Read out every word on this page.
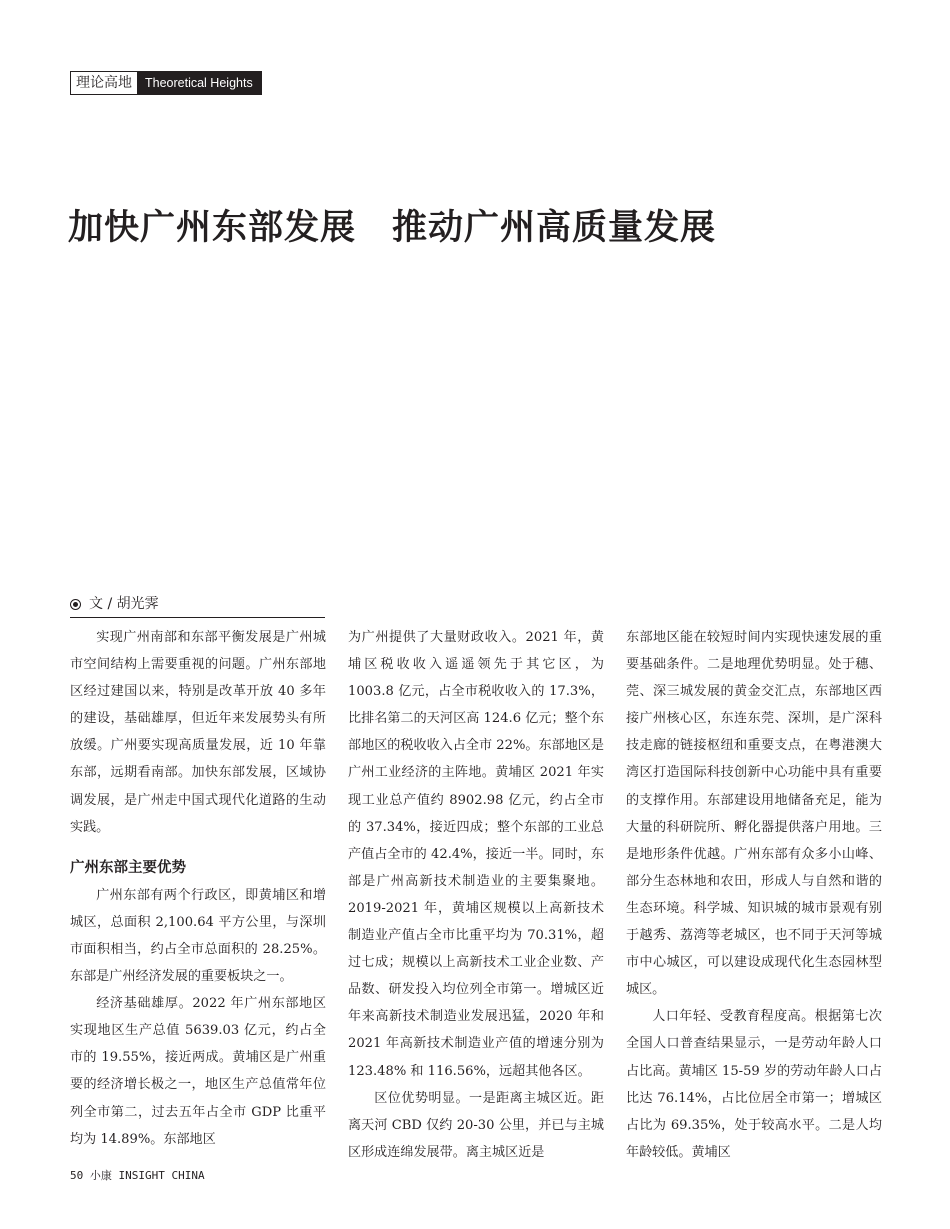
理论高地	Theoretical Heights
加快广州东部发展　推动广州高质量发展
文 / 胡光霁

实现广州南部和东部平衡发展是广州城市空间结构上需要重视的问题。广州东部地区经过建国以来，特别是改革开放 40 多年的建设，基础雄厚，但近年来发展势头有所放缓。广州要实现高质量发展，近 10 年靠东部，远期看南部。加快东部发展，区域协调发展，是广州走中国式现代化道路的生动实践。

广州东部主要优势

广州东部有两个行政区，即黄埔区和增城区，总面积 2,100.64 平方公里，与深圳市面积相当，约占全市总面积的 28.25%。东部是广州经济发展的重要板块之一。

经济基础雄厚。2022 年广州东部地区实现地区生产总值 5639.03 亿元，约占全市的 19.55%，接近两成。黄埔区是广州重要的经济增长极之一，地区生产总值常年位列全市第二，过去五年占全市 GDP 比重平均为 14.89%。东部地区

为广州提供了大量财政收入。2021 年，黄埔区税收收入遥遥领先于其它区，为 1003.8 亿元，占全市税收收入的 17.3%，比排名第二的天河区高 124.6 亿元；整个东部地区的税收收入占全市 22%。东部地区是广州工业经济的主阵地。黄埔区 2021 年实现工业总产值约 8902.98 亿元，约占全市的 37.34%，接近四成；整个东部的工业总产值占全市的 42.4%，接近一半。同时，东部是广州高新技术制造业的主要集聚地。2019-2021 年，黄埔区规模以上高新技术制造业产值占全市比重平均为 70.31%，超过七成；规模以上高新技术工业企业数、产品数、研发投入均位列全市第一。增城区近年来高新技术制造业发展迅猛，2020 年和 2021 年高新技术制造业产值的增速分别为 123.48% 和 116.56%，远超其他各区。

区位优势明显。一是距离主城区近。距离天河 CBD 仅约 20-30 公里，并已与主城区形成连绵发展带。离主城区近是

东部地区能在较短时间内实现快速发展的重要基础条件。二是地理优势明显。处于穗、莞、深三城发展的黄金交汇点，东部地区西接广州核心区，东连东莞、深圳，是广深科技走廊的链接枢纽和重要支点，在粤港澳大湾区打造国际科技创新中心功能中具有重要的支撑作用。东部建设用地储备充足，能为大量的科研院所、孵化器提供落户用地。三是地形条件优越。广州东部有众多小山峰、部分生态林地和农田，形成人与自然和谐的生态环境。科学城、知识城的城市景观有别于越秀、荔湾等老城区，也不同于天河等城市中心城区，可以建设成现代化生态园林型城区。

人口年轻、受教育程度高。根据第七次全国人口普查结果显示，一是劳动年龄人口占比高。黄埔区 15-59 岁的劳动年龄人口占比达 76.14%，占比位居全市第一；增城区占比为 69.35%，处于较高水平。二是人均年龄较低。黄埔区

50 小康 INSIGHT CHINA
